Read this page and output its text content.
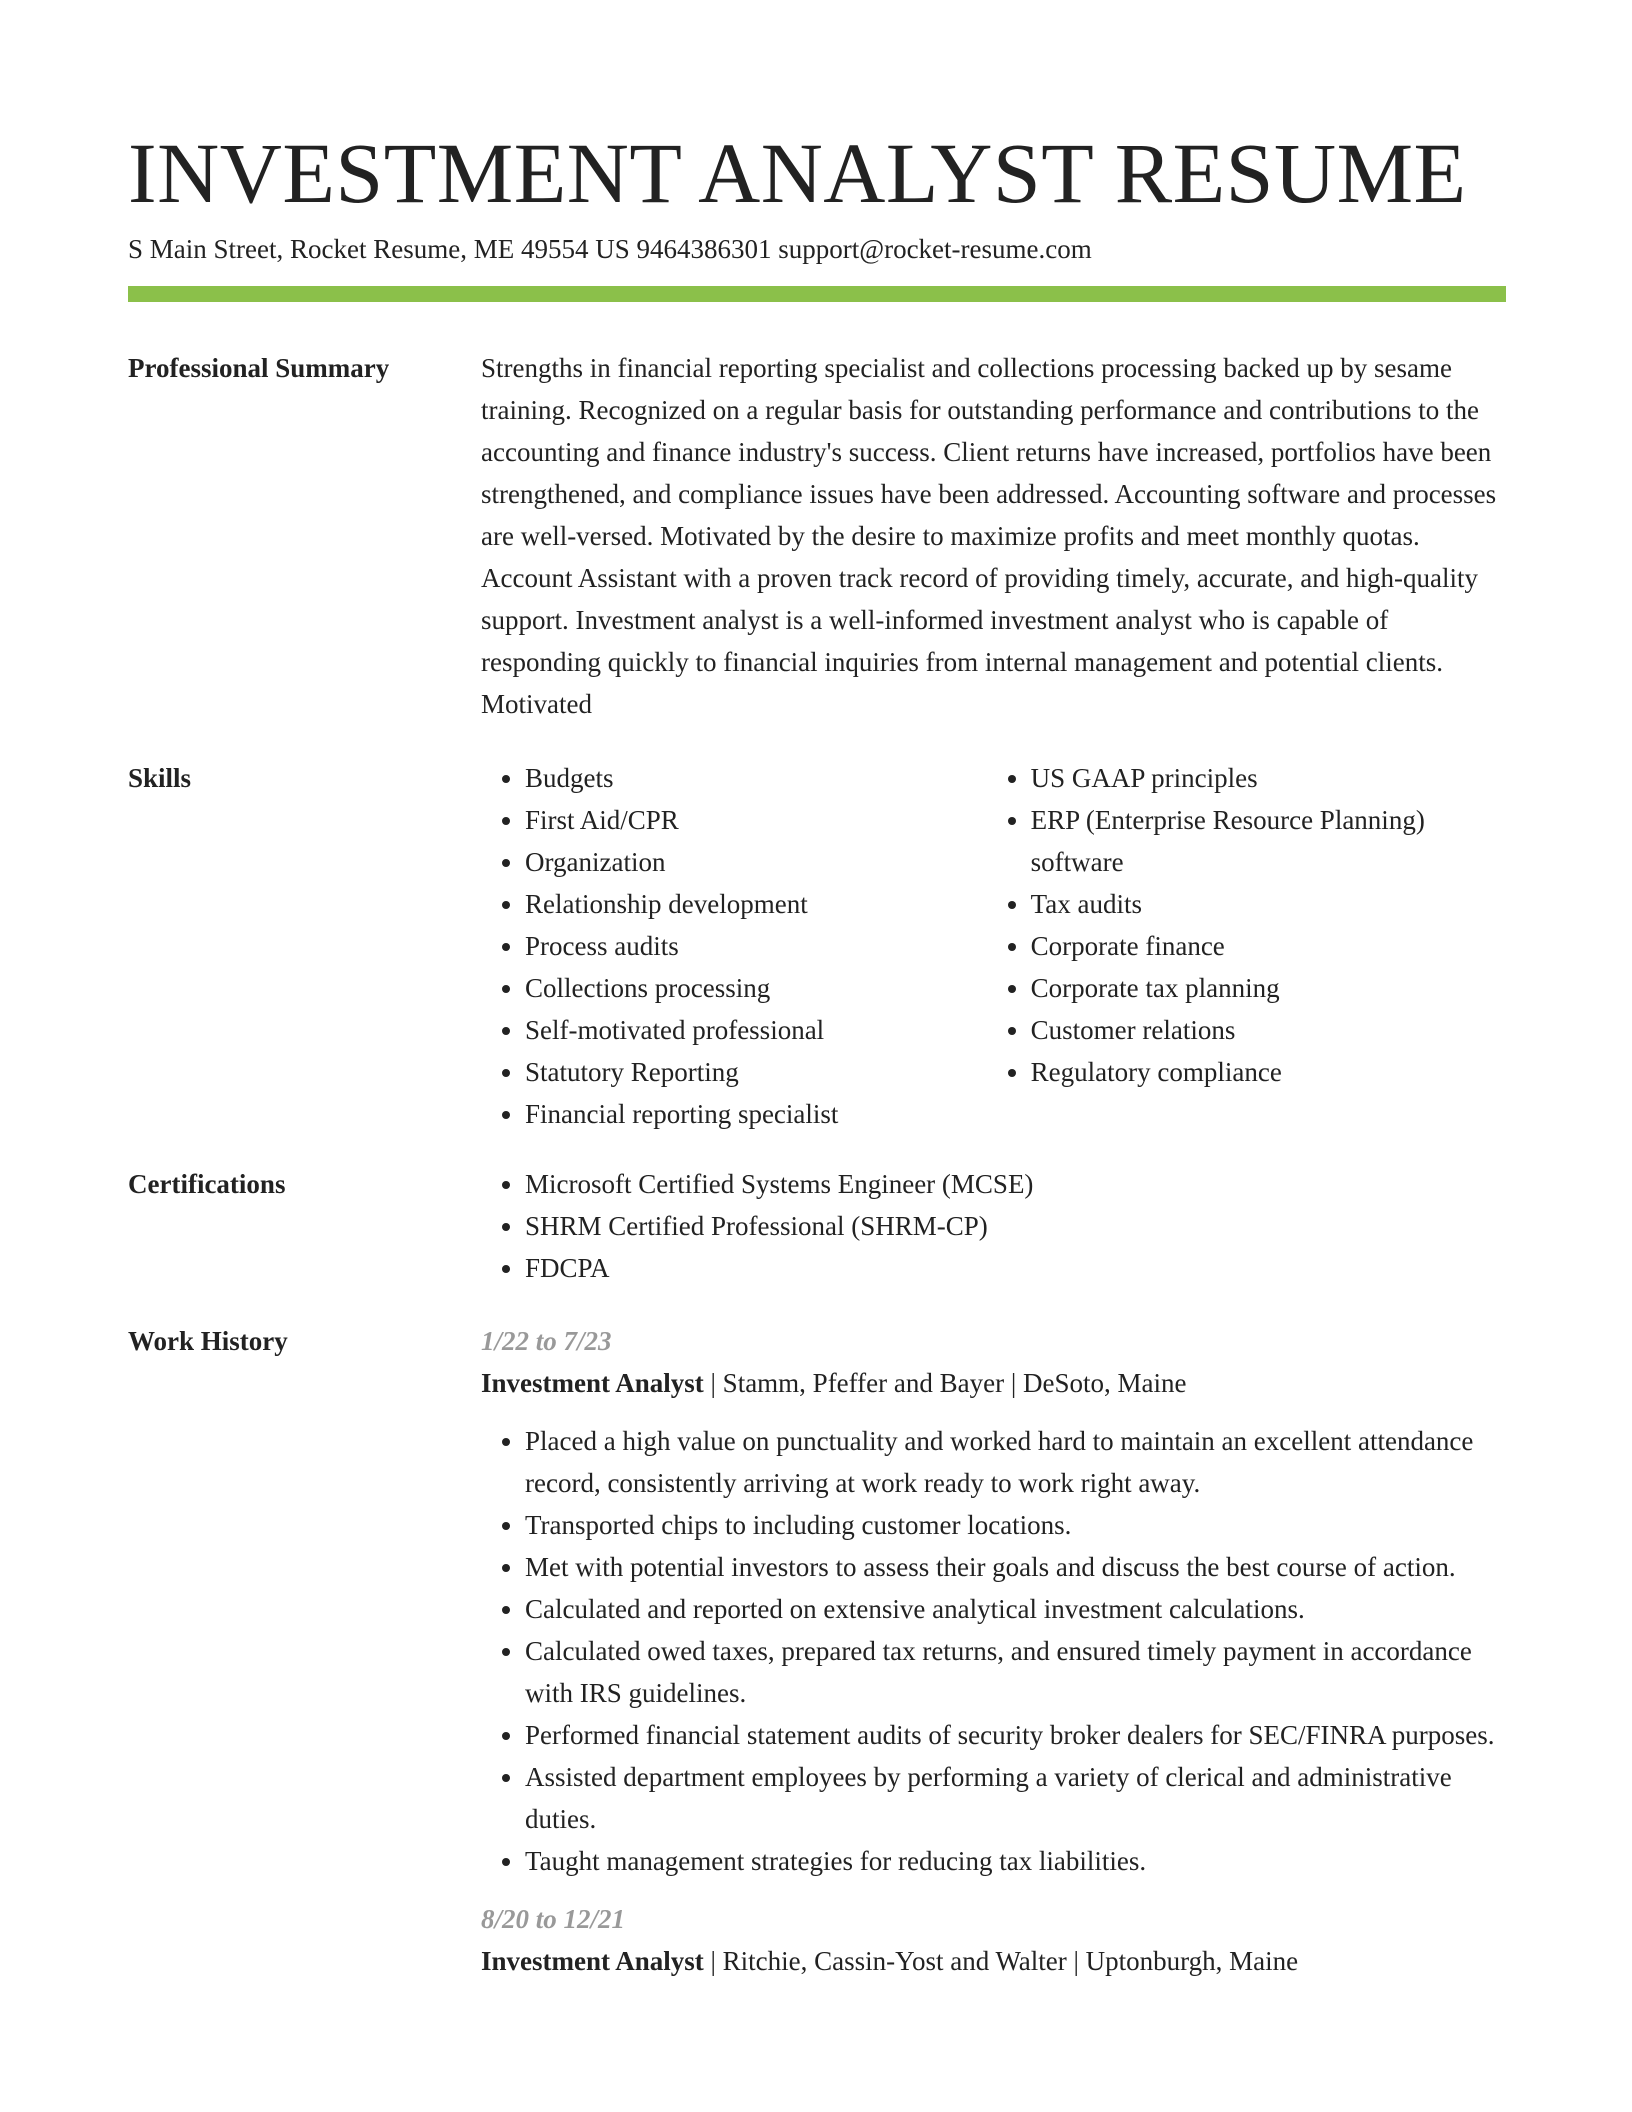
INVESTMENT ANALYST RESUME
S Main Street, Rocket Resume, ME 49554 US 9464386301 support@rocket-resume.com
Professional Summary	Strengths in financial reporting specialist and collections processing backed up by sesame training. Recognized on a regular basis for outstanding performance and contributions to the accounting and finance industry's success. Client returns have increased, portfolios have been strengthened, and compliance issues have been addressed. Accounting software and processes are well-versed. Motivated by the desire to maximize profits and meet monthly quotas. Account Assistant with a proven track record of providing timely, accurate, and high-quality support. Investment analyst is a well-informed investment analyst who is capable of responding quickly to financial inquiries from internal management and potential clients. Motivated

Skills	• Budgets
• First Aid/CPR
• Organization
• Relationship development
• Process audits
• Collections processing
• Self-motivated professional
• Statutory Reporting
• Financial reporting specialist
• US GAAP principles
• ERP (Enterprise Resource Planning) software
• Tax audits
• Corporate finance
• Corporate tax planning
• Customer relations
• Regulatory compliance
Certifications	• Microsoft Certified Systems Engineer (MCSE)
• SHRM Certified Professional (SHRM-CP)
• FDCPA
Work History	1/22 to 7/23
Investment Analyst | Stamm, Pfeffer and Bayer | DeSoto, Maine
• Placed a high value on punctuality and worked hard to maintain an excellent attendance record, consistently arriving at work ready to work right away.
• Transported chips to including customer locations.
• Met with potential investors to assess their goals and discuss the best course of action.
• Calculated and reported on extensive analytical investment calculations.
• Calculated owed taxes, prepared tax returns, and ensured timely payment in accordance with IRS guidelines.
• Performed financial statement audits of security broker dealers for SEC/FINRA purposes.
• Assisted department employees by performing a variety of clerical and administrative duties.
• Taught management strategies for reducing tax liabilities.
8/20 to 12/21
Investment Analyst | Ritchie, Cassin-Yost and Walter | Uptonburgh, Maine
